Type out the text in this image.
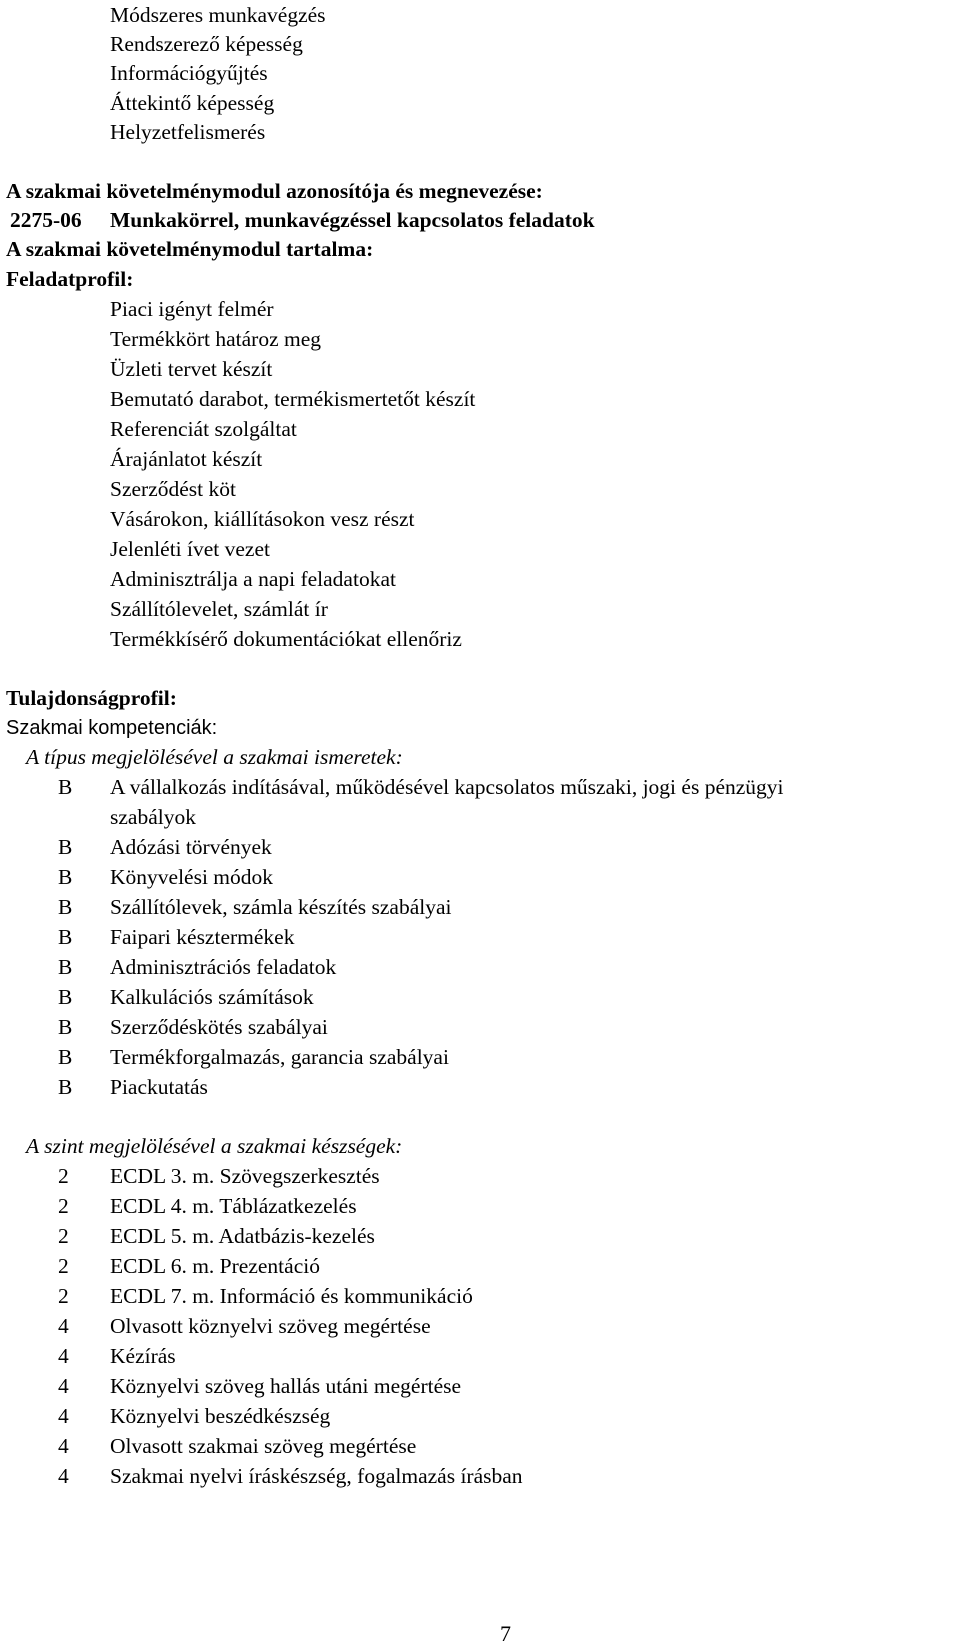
Módszeres munkavégzés
Rendszerező képesség
Információgyűjtés
Áttekintő képesség
Helyzetfelismerés
A szakmai követelménymodul azonosítója és megnevezése:
2275-06 Munkakörrel, munkavégzéssel kapcsolatos feladatok
A szakmai követelménymodul tartalma:
Feladatprofil:
Piaci igényt felmér
Termékkört határoz meg
Üzleti tervet készít
Bemutató darabot, termékismertetőt készít
Referenciát szolgáltat
Árajánlatot készít
Szerződést köt
Vásárokon, kiállításokon vesz részt
Jelenléti ívet vezet
Adminisztrálja a napi feladatokat
Szállítólevelet, számlát ír
Termékkísérő dokumentációkat ellenőriz
Tulajdonságprofil:
Szakmai kompetenciák:
A típus megjelölésével a szakmai ismeretek:
B A vállalkozás indításával, működésével kapcsolatos műszaki, jogi és pénzügyi
szabályok
B Adózási törvények
B Könyvelési módok
B Szállítólevek, számla készítés szabályai
B Faipari késztermékek
B Adminisztrációs feladatok
B Kalkulációs számítások
B Szerződéskötés szabályai
B Termékforgalmazás, garancia szabályai
B Piackutatás
A szint megjelölésével a szakmai készségek:
2 ECDL 3. m. Szövegszerkesztés
2 ECDL 4. m. Táblázatkezelés
2 ECDL 5. m. Adatbázis-kezelés
2 ECDL 6. m. Prezentáció
2 ECDL 7. m. Információ és kommunikáció
4 Olvasott köznyelvi szöveg megértése
4 Kézírás
4 Köznyelvi szöveg hallás utáni megértése
4 Köznyelvi beszédkészség
4 Olvasott szakmai szöveg megértése
4 Szakmai nyelvi íráskészség, fogalmazás írásban
7
